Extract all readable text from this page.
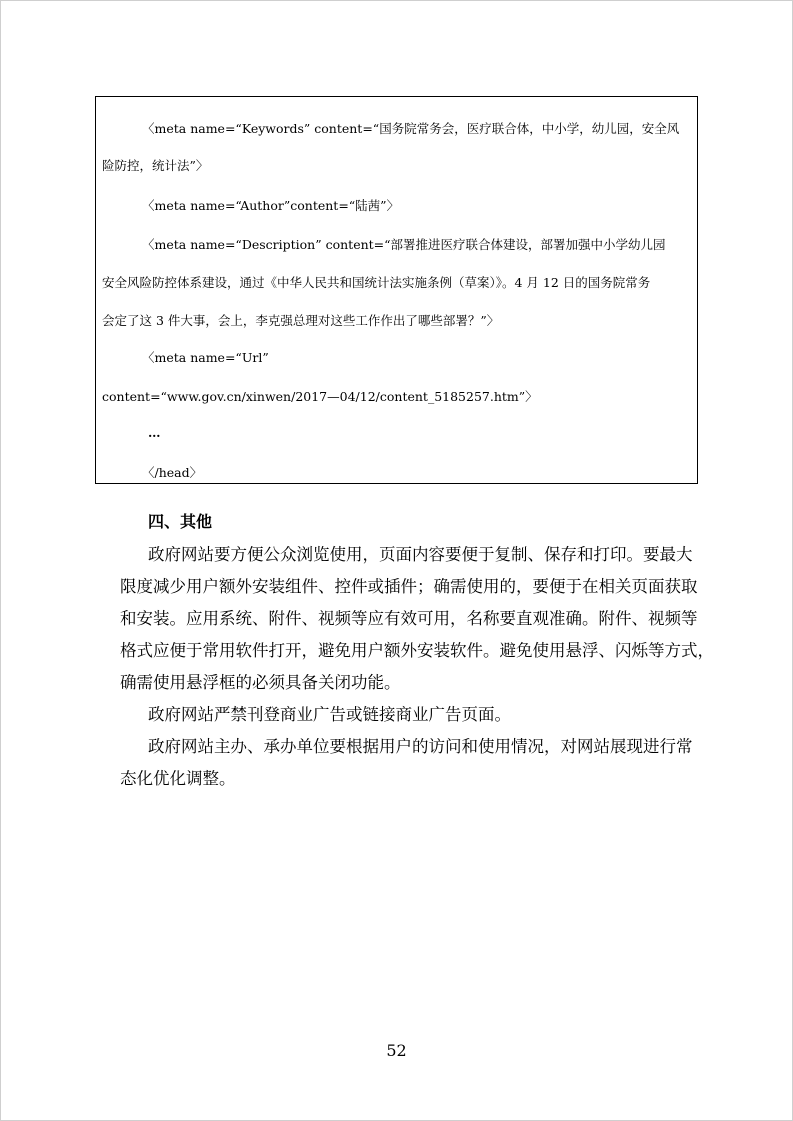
〈meta name=“Keywords” content=“国务院常务会，医疗联合体，中小学，幼儿园，安全风
险防控，统计法”〉
〈meta name=“Author”content=“陆茜”〉
〈meta name=“Description” content=“部署推进医疗联合体建设，部署加强中小学幼儿园
安全风险防控体系建设，通过《中华人民共和国统计法实施条例（草案）》。4 月 12 日的国务院常务
会定了这 3 件大事，会上，李克强总理对这些工作作出了哪些部署？”〉
〈meta name=“Url”
content=“www.gov.cn/xinwen/2017—04/12/content_5185257.htm”〉
…
〈/head〉
四、其他
政府网站要方便公众浏览使用，页面内容要便于复制、保存和打印。要最大
限度减少用户额外安装组件、控件或插件；确需使用的，要便于在相关页面获取
和安装。应用系统、附件、视频等应有效可用，名称要直观准确。附件、视频等
格式应便于常用软件打开，避免用户额外安装软件。避免使用悬浮、闪烁等方式，
确需使用悬浮框的必须具备关闭功能。
政府网站严禁刊登商业广告或链接商业广告页面。
政府网站主办、承办单位要根据用户的访问和使用情况，对网站展现进行常
态化优化调整。
52
